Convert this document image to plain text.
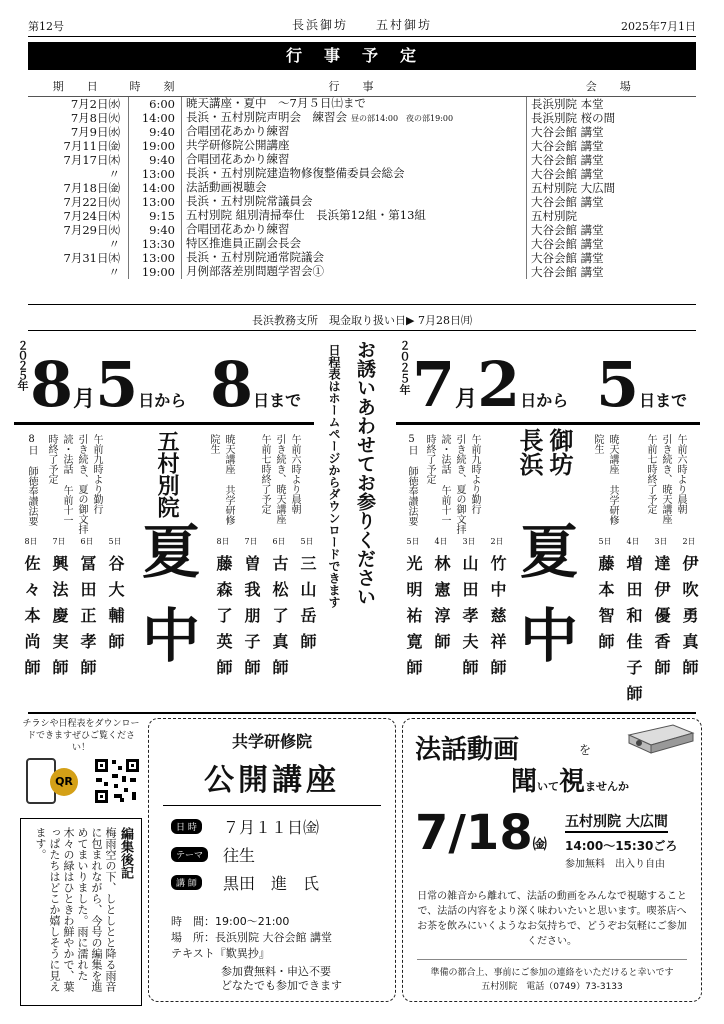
第12号	長浜御坊　　五村御坊	2025年7月1日
行事予定
期　日	時　刻	行　事	会　場
7月2日㈬	6:00	暁天講座・夏中　～7月５日㈯まで	長浜別院 本堂
7月8日㈫	14:00	長浜・五村別院声明会　練習会 昼の部14:00　夜の部19:00	長浜別院 桜の間
7月9日㈬	9:40	合唱団花あかり練習	大谷会館 講堂
7月11日㈮	19:00	共学研修院公開講座	大谷会館 講堂
7月17日㈭	9:40	合唱団花あかり練習	大谷会館 講堂
〃	13:00	長浜・五村別院建造物修復整備委員会総会	大谷会館 講堂
7月18日㈮	14:00	法話動画視聴会	五村別院 大広間
7月22日㈫	13:00	長浜・五村別院常議員会	大谷会館 講堂
7月24日㈭	9:15	五村別院 組別清掃奉仕　長浜第12組・第13組	五村別院
7月29日㈫	9:40	合唱団花あかり練習	大谷会館 講堂
〃	13:30	特区推進員正副会長会	大谷会館 講堂
7月31日㈭	13:00	長浜・五村別院通常院議会	大谷会館 講堂
〃	19:00	月例部落差別問題学習会①	大谷会館 講堂
長浜教務支所　現金取り扱い日▶ 7月28日㈪
２０２５年 8月5日から 8日まで
8日 師徳奉讃法要	午前九時より勤行 引き続き、夏の御文拝読・法話 午前十一時終了予定	五村別院	暁天講座 共学研修院生	午前六時より晨朝 引き続き、暁天講座 午前七時終了予定
夏
中
8日
佐々本尚師
7日
興法慶実師
6日
冨田正孝師
5日
谷大輔師
8日
藤森了英師
7日
曽我朋子師
6日
古松了真師
5日
三山岳師
お誘いあわせてお参りください
日程表はホームページからダウンロードできます	２０２５年 7月2日から 5日まで
5日 師徳奉讃法要	午前九時より勤行 引き続き、夏の御文拝読・法話 午前十一時終了予定	長浜 御坊	暁天講座 共学研修院生	午前六時より晨朝 引き続き、暁天講座 午前七時終了予定
夏
中
5日
光明祐寛師
4日
林憲淳師
3日
山田孝夫師
2日
竹中慈祥師
5日
藤本智師
4日
増田和佳子師
3日
達伊優香師
2日
伊吹勇真師
チラシや日程表をダウンロードできますぜひご覧ください！
QR
編集後記
梅雨空の下、しとしとと降る雨音に包まれながら、今号の編集を進めてまいりました。雨に濡れた木々の緑はひときわ鮮やかで、葉っぱたちはどこか嬉しそうに見えます。
共学研修院
公開講座
日 時	７月１１日㈮
テーマ	往生
講 師	黒田　進　氏
時　間：19:00～21:00
場　所：長浜別院 大谷会館 講堂
テキスト『歎異抄』
参加費無料・申込不要
どなたでも参加できます
法話動画	を
聞いて視ませんか
7/18㈮
五村別院 大広間
14:00～15:30ごろ
参加無料　出入り自由
日常の雑音から離れて、法話の動画をみんなで視聴することで、法話の内容をより深く味わいたいと思います。喫茶店へお茶を飲みにいくようなお気持ちで、どうぞお気軽にご参加ください。
準備の都合上、事前にご参加の連絡をいただけると幸いです
五村別院　電話（0749）73-3133
